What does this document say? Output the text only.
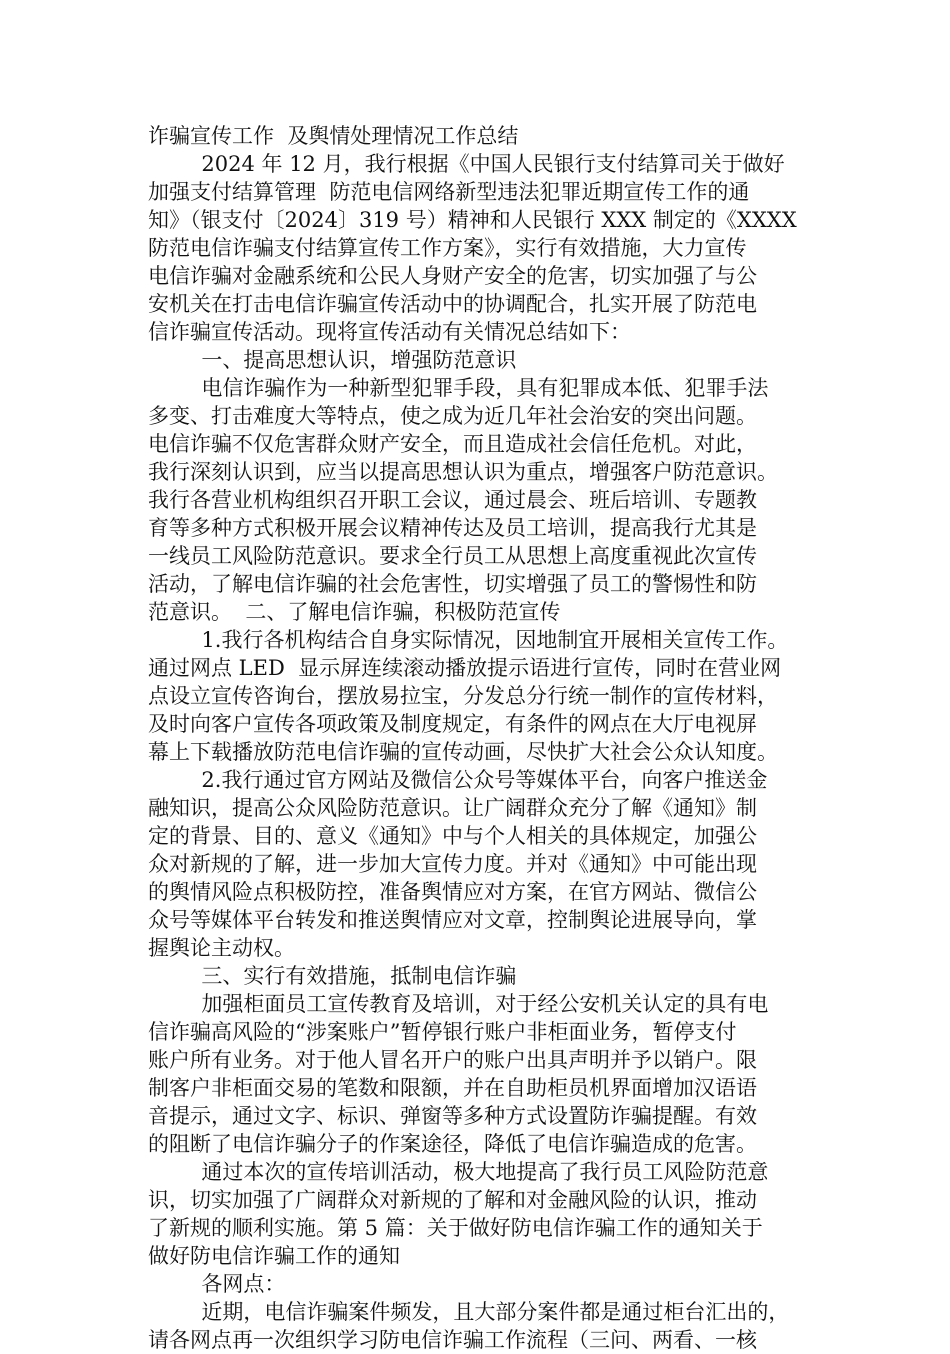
诈骗宣传工作  及舆情处理情况工作总结
2024 年 12 月，我行根据《中国人民银行支付结算司关于做好
加强支付结算管理  防范电信网络新型违法犯罪近期宣传工作的通
知》（银支付〔2024〕319 号）精神和人民银行 XXX 制定的《XXXX
防范电信诈骗支付结算宣传工作方案》，实行有效措施，大力宣传
电信诈骗对金融系统和公民人身财产安全的危害，切实加强了与公
安机关在打击电信诈骗宣传活动中的协调配合，扎实开展了防范电
信诈骗宣传活动。现将宣传活动有关情况总结如下：
一、提高思想认识，增强防范意识
电信诈骗作为一种新型犯罪手段，具有犯罪成本低、犯罪手法
多变、打击难度大等特点，使之成为近几年社会治安的突出问题。
电信诈骗不仅危害群众财产安全，而且造成社会信任危机。对此，
我行深刻认识到，应当以提高思想认识为重点，增强客户防范意识。
我行各营业机构组织召开职工会议，通过晨会、班后培训、专题教
育等多种方式积极开展会议精神传达及员工培训，提高我行尤其是
一线员工风险防范意识。要求全行员工从思想上高度重视此次宣传
活动，了解电信诈骗的社会危害性，切实增强了员工的警惕性和防
范意识。  二、了解电信诈骗，积极防范宣传
1.我行各机构结合自身实际情况，因地制宜开展相关宣传工作。
通过网点 LED  显示屏连续滚动播放提示语进行宣传，同时在营业网
点设立宣传咨询台，摆放易拉宝，分发总分行统一制作的宣传材料，
及时向客户宣传各项政策及制度规定，有条件的网点在大厅电视屏
幕上下载播放防范电信诈骗的宣传动画，尽快扩大社会公众认知度。
2.我行通过官方网站及微信公众号等媒体平台，向客户推送金
融知识，提高公众风险防范意识。让广阔群众充分了解《通知》制
定的背景、目的、意义《通知》中与个人相关的具体规定，加强公
众对新规的了解，进一步加大宣传力度。并对《通知》中可能出现
的舆情风险点积极防控，准备舆情应对方案，在官方网站、微信公
众号等媒体平台转发和推送舆情应对文章，控制舆论进展导向，掌
握舆论主动权。
三、实行有效措施，抵制电信诈骗
加强柜面员工宣传教育及培训，对于经公安机关认定的具有电
信诈骗高风险的“涉案账户”暂停银行账户非柜面业务，暂停支付
账户所有业务。对于他人冒名开户的账户出具声明并予以销户。限
制客户非柜面交易的笔数和限额，并在自助柜员机界面增加汉语语
音提示，通过文字、标识、弹窗等多种方式设置防诈骗提醒。有效
的阻断了电信诈骗分子的作案途径，降低了电信诈骗造成的危害。
通过本次的宣传培训活动，极大地提高了我行员工风险防范意
识，切实加强了广阔群众对新规的了解和对金融风险的认识，推动
了新规的顺利实施。第 5 篇：关于做好防电信诈骗工作的通知关于
做好防电信诈骗工作的通知
各网点：
近期，电信诈骗案件频发，且大部分案件都是通过柜台汇出的，
请各网点再一次组织学习防电信诈骗工作流程（三问、两看、一核
